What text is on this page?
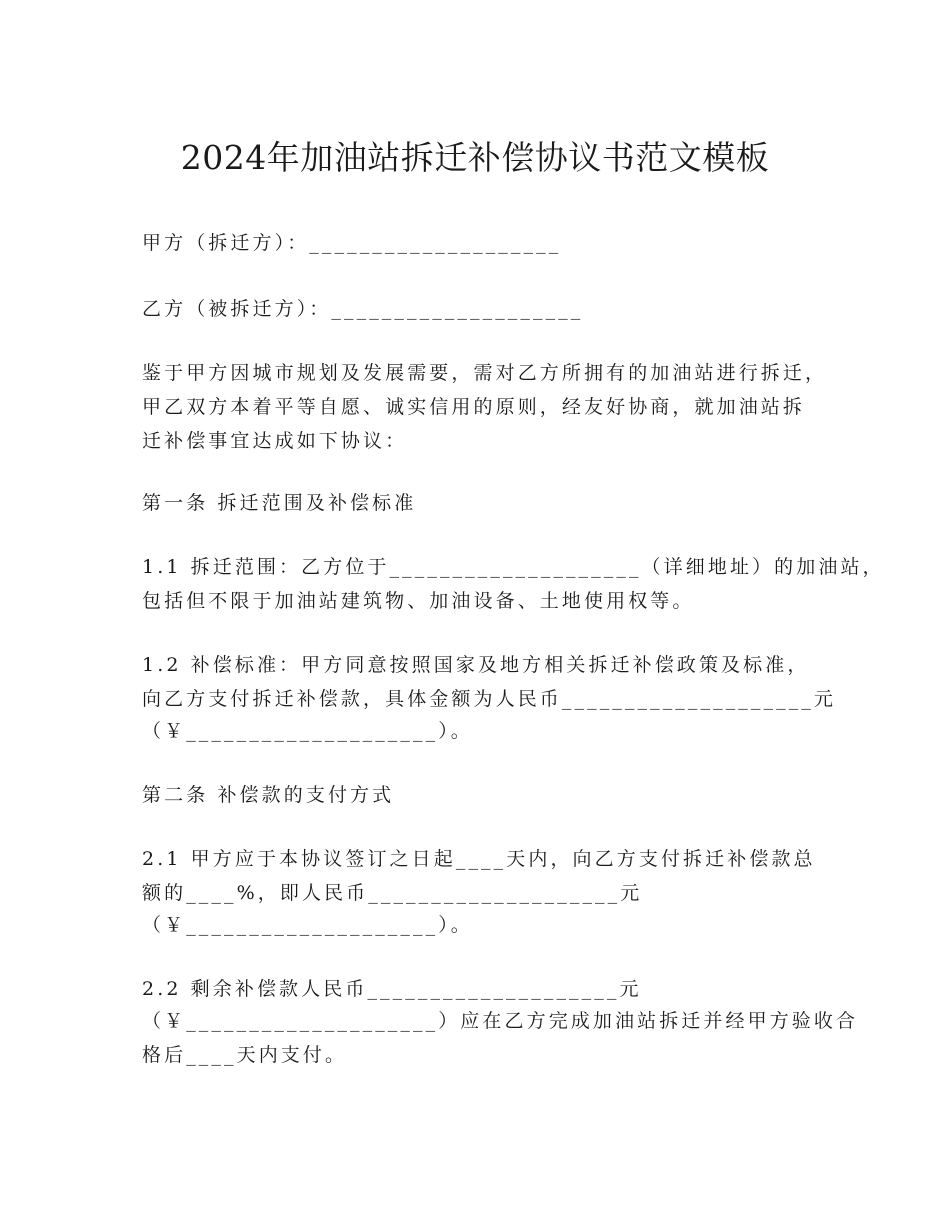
2024年加油站拆迁补偿协议书范文模板
甲方（拆迁方）：____________________
乙方（被拆迁方）：____________________
鉴于甲方因城市规划及发展需要，需对乙方所拥有的加油站进行拆迁，
甲乙双方本着平等自愿、诚实信用的原则，经友好协商，就加油站拆
迁补偿事宜达成如下协议：
第一条 拆迁范围及补偿标准
1.1 拆迁范围：乙方位于____________________（详细地址）的加油站，
包括但不限于加油站建筑物、加油设备、土地使用权等。
1.2 补偿标准：甲方同意按照国家及地方相关拆迁补偿政策及标准，
向乙方支付拆迁补偿款，具体金额为人民币____________________元
（￥____________________）。
第二条 补偿款的支付方式
2.1 甲方应于本协议签订之日起____天内，向乙方支付拆迁补偿款总
额的____%，即人民币____________________元
（￥____________________）。
2.2 剩余补偿款人民币____________________元
（￥____________________）应在乙方完成加油站拆迁并经甲方验收合
格后____天内支付。
